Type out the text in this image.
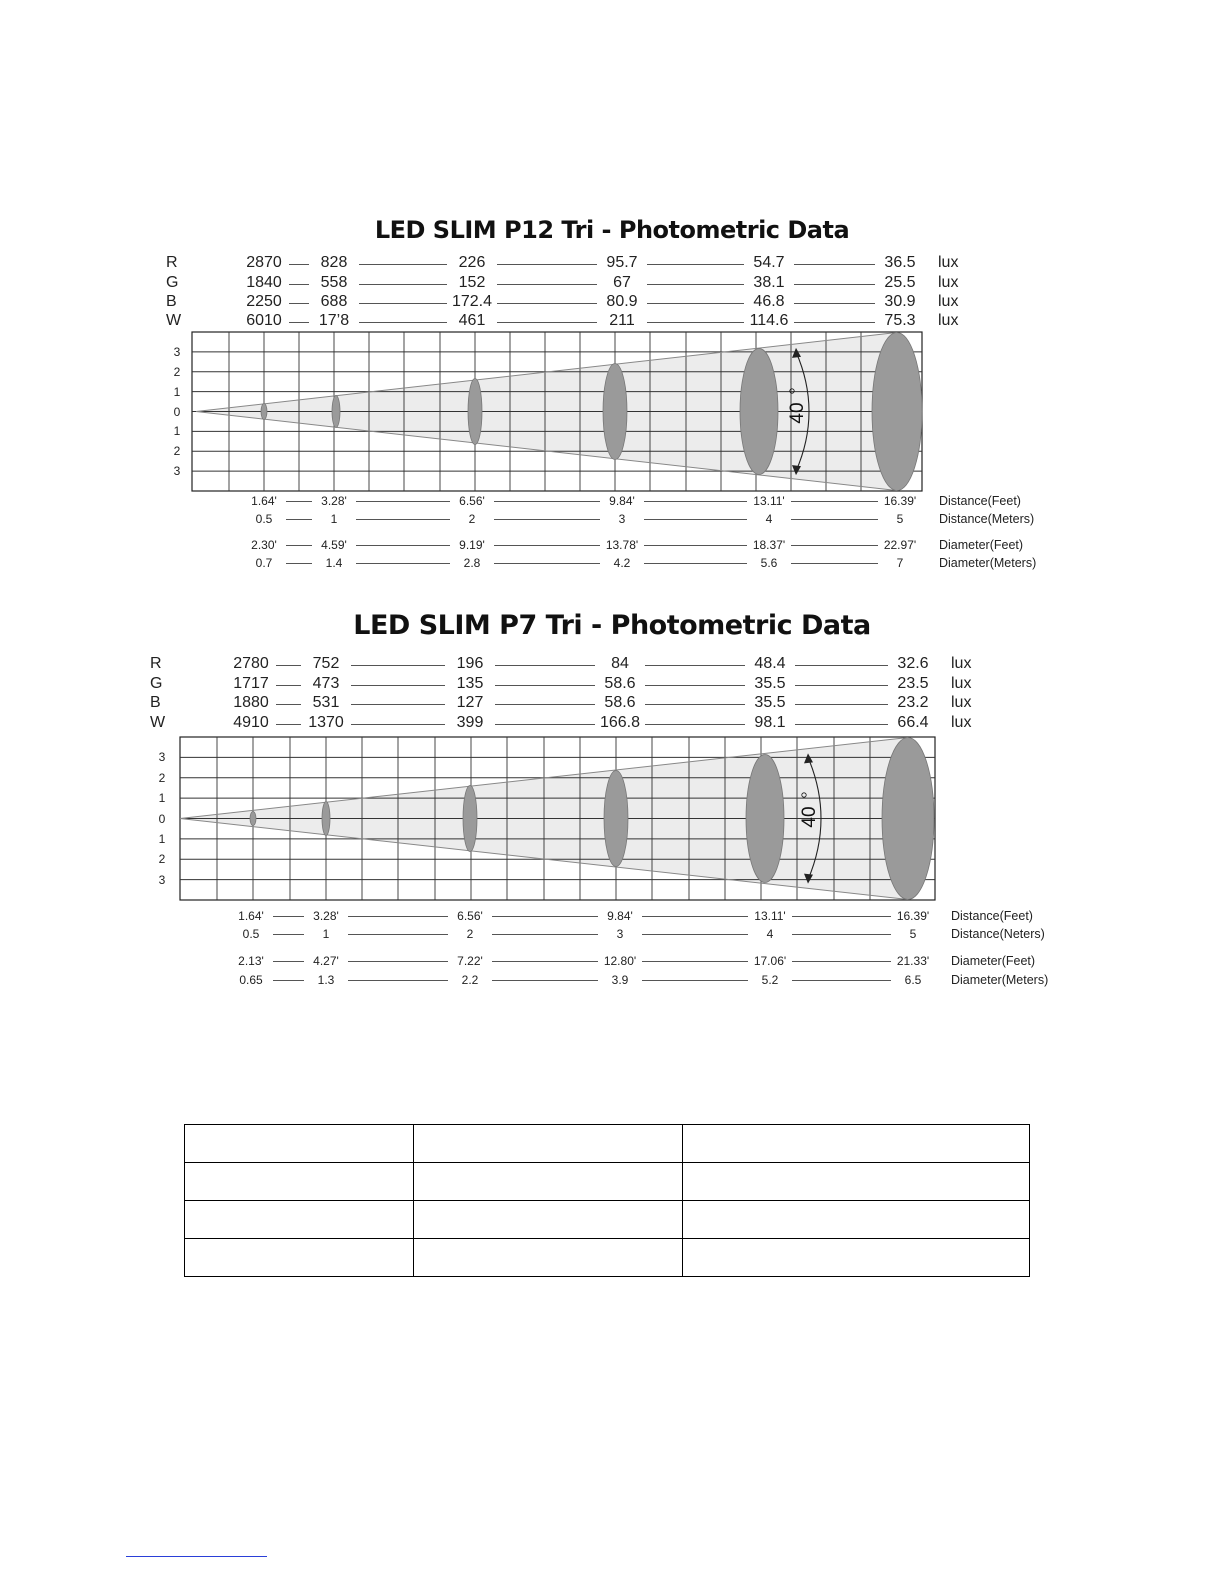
LED SLIM P12 Tri - Photometric Data
R	2870 828	226	95.7	54.7	36.5 lux
G	1840 558	152	67	38.1	25.5 lux
B	2250 688	172.4	80.9	46.8	30.9 lux
W	6010 17’8	461	211	114.6	75.3 lux
40
3
2
1
0
1
2
3
1.64'	3.28'	6.56'	9.84'	13.11'	16.39' Distance(Feet)
0.5	1	2	3	4	5	Distance(Meters)
2.30'	4.59'	9.19'	13.78'	18.37'	22.97' Diameter(Feet)
0.7	1.4	2.8	4.2	5.6	7	Diameter(Meters)
LED SLIM P7 Tri - Photometric Data
R	2780	752	196	84	48.4	32.6 lux
G	1717	473	135	58.6	35.5	23.5 lux
B	1880	531	127	58.6	35.5	23.2 lux
W	4910 1370	399	166.8	98.1	66.4 lux
40
3
2
1
0
1
2
3
1.64'	3.28'	6.56'	9.84'	13.11'	16.39' Distance(Feet)
0.5	1	2	3	4	5	Distance(Neters)
2.13'	4.27'	7.22'	12.80'	17.06'	21.33' Diameter(Feet)
0.65	1.3	2.2	3.9	5.2	6.5 Diameter(Meters)
